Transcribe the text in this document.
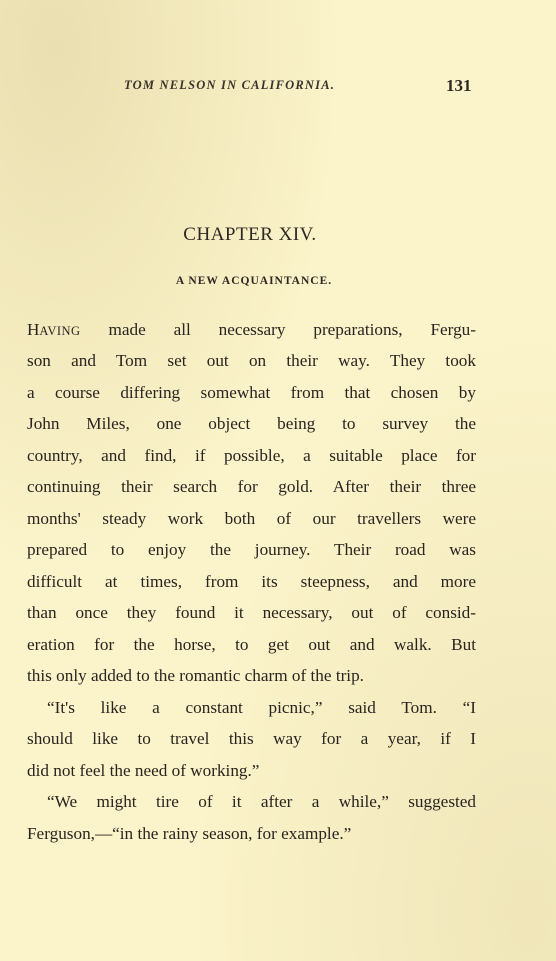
TOM NELSON IN CALIFORNIA.	131
CHAPTER XIV.
A NEW ACQUAINTANCE.
HAVING made all necessary preparations, Fergu-
son and Tom set out on their way. They took
a course differing somewhat from that chosen by
John Miles, one object being to survey the
country, and find, if possible, a suitable place for
continuing their search for gold. After their three
months' steady work both of our travellers were
prepared to enjoy the journey. Their road was
difficult at times, from its steepness, and more
than once they found it necessary, out of consid-
eration for the horse, to get out and walk. But
this only added to the romantic charm of the trip.
“It's like a constant picnic,” said Tom. “I
should like to travel this way for a year, if I
did not feel the need of working.”
“We might tire of it after a while,” suggested
Ferguson,—“in the rainy season, for example.”
